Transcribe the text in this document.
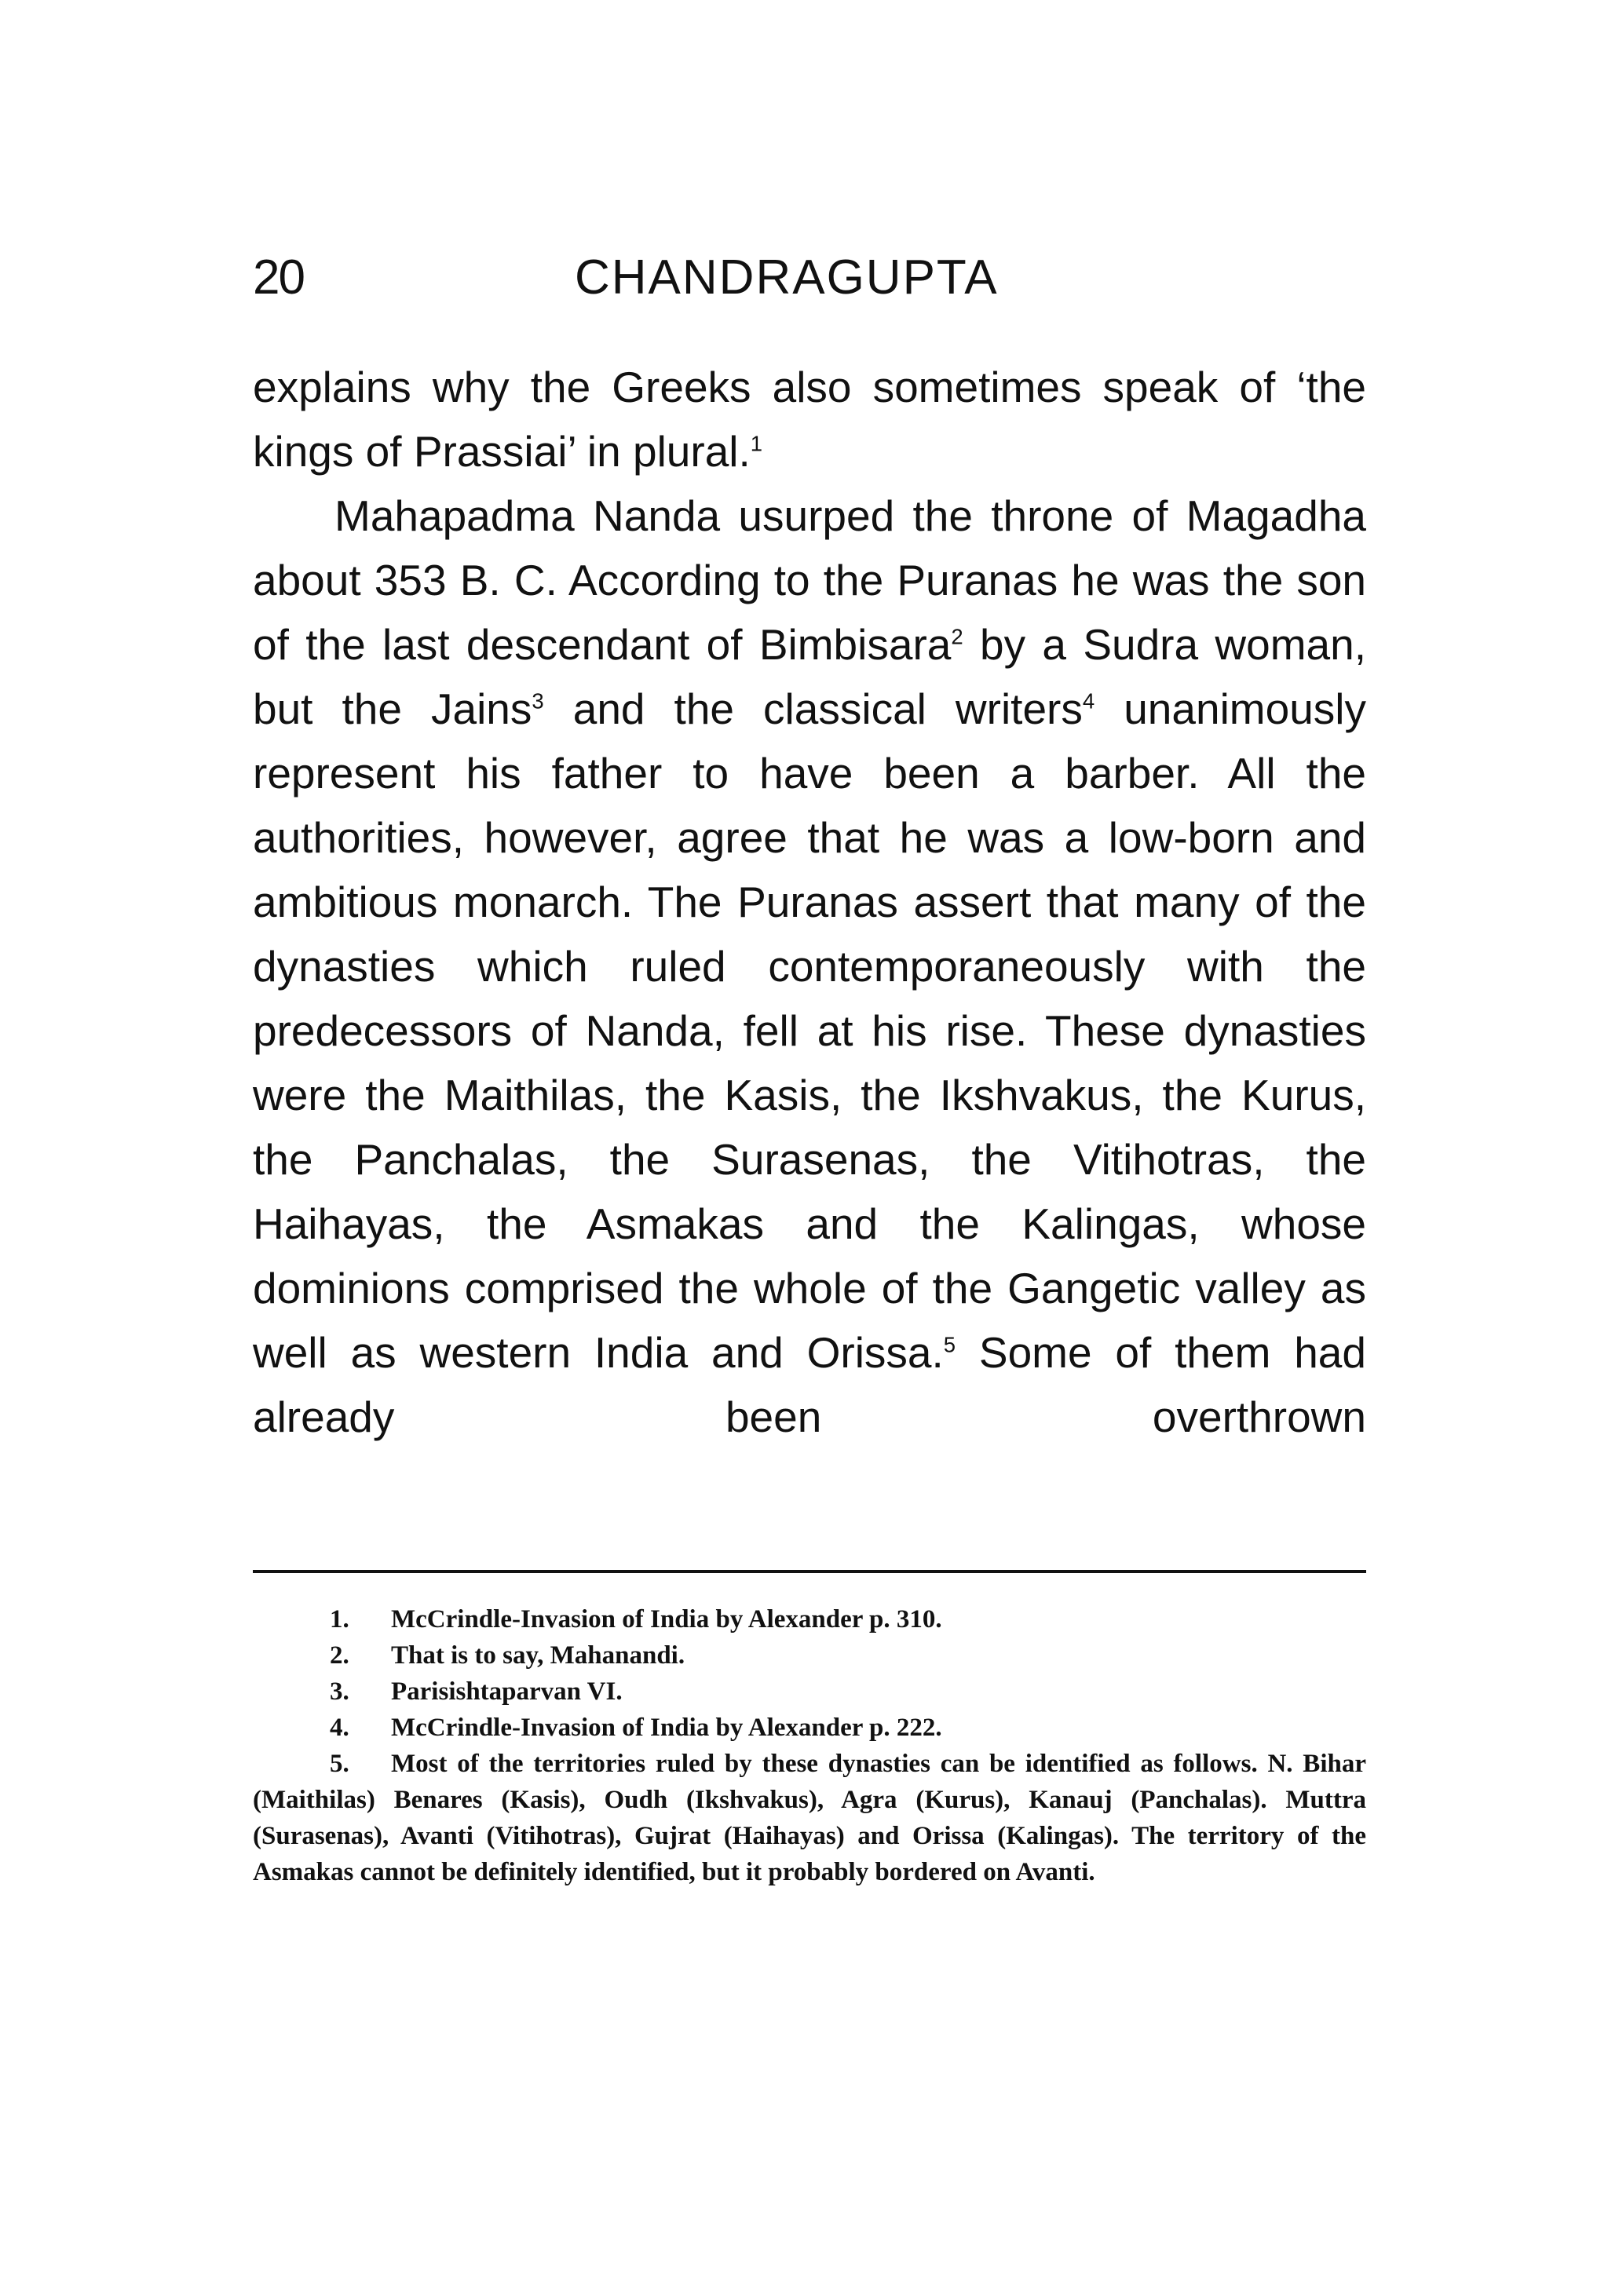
20	CHANDRAGUPTA

explains why the Greeks also sometimes speak of ‘the kings of Prassiai’ in plural.$^1$

Mahapadma Nanda usurped the throne of Magadha about 353 B. C. According to the Puranas he was the son of the last descendant of Bimbisara$^2$ by a Sudra woman, but the Jains$^3$ and the classical writers$^4$ unanimously represent his father to have been a barber. All the authorities, however, agree that he was a low-born and ambitious monarch. The Puranas assert that many of the dynasties which ruled contemporaneously with the predecessors of Nanda, fell at his rise. These dynasties were the Maithilas, the Kasis, the Ikshvakus, the Kurus, the Panchalas, the Surasenas, the Vitihotras, the Haihayas, the Asmakas and the Kalingas, whose dominions comprised the whole of the Gangetic valley as well as western India and Orissa.$^5$ Some of them had already been overthrown

1.	McCrindle-Invasion of India by Alexander p. 310.
2.	That is to say, Mahanandi.
3.	Parisishtaparvan VI.
4.	McCrindle-Invasion of India by Alexander p. 222.
5. Most of the territories ruled by these dynasties can be identified as follows. N. Bihar (Maithilas) Benares (Kasis), Oudh (Ikshvakus), Agra (Kurus), Kanauj (Panchalas). Muttra (Surasenas), Avanti (Vitihotras), Gujrat (Haihayas) and Orissa (Kalingas). The territory of the Asmakas cannot be definitely identified, but it probably bordered on Avanti.
